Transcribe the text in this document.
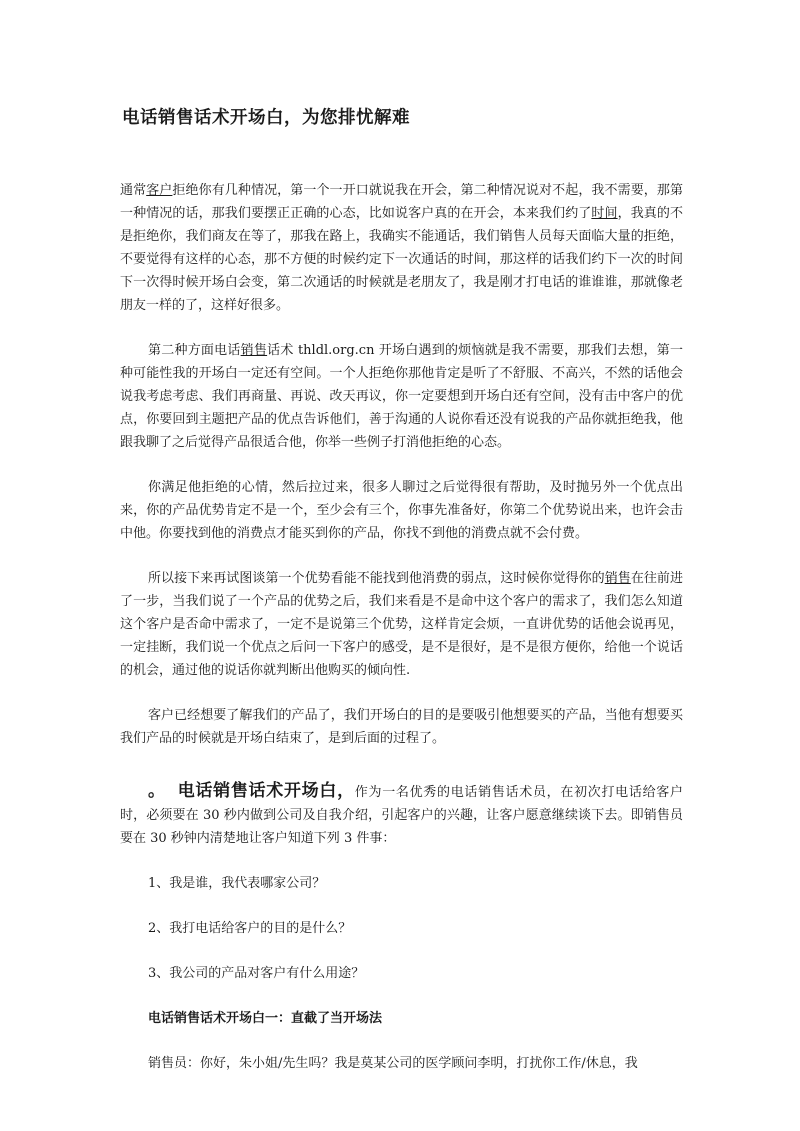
电话销售话术开场白，为您排忧解难

通常客户拒绝你有几种情况，第一个一开口就说我在开会，第二种情况说对不起，我不需要，那第一种情况的话，那我们要摆正正确的心态，比如说客户真的在开会，本来我们约了时间，我真的不是拒绝你，我们商友在等了，那我在路上，我确实不能通话，我们销售人员每天面临大量的拒绝，不要觉得有这样的心态，那不方便的时候约定下一次通话的时间，那这样的话我们约下一次的时间下一次得时候开场白会变，第二次通话的时候就是老朋友了，我是刚才打电话的谁谁谁，那就像老朋友一样的了，这样好很多。

第二种方面电话销售话术 thldl.org.cn 开场白遇到的烦恼就是我不需要，那我们去想，第一种可能性我的开场白一定还有空间。一个人拒绝你那他肯定是听了不舒服、不高兴，不然的话他会说我考虑考虑、我们再商量、再说、改天再议，你一定要想到开场白还有空间，没有击中客户的优点，你要回到主题把产品的优点告诉他们，善于沟通的人说你看还没有说我的产品你就拒绝我，他跟我聊了之后觉得产品很适合他，你举一些例子打消他拒绝的心态。

你满足他拒绝的心情，然后拉过来，很多人聊过之后觉得很有帮助，及时抛另外一个优点出来，你的产品优势肯定不是一个，至少会有三个，你事先准备好，你第二个优势说出来，也许会击中他。你要找到他的消费点才能买到你的产品，你找不到他的消费点就不会付费。

所以接下来再试图谈第一个优势看能不能找到他消费的弱点，这时候你觉得你的销售在往前进了一步，当我们说了一个产品的优势之后，我们来看是不是命中这个客户的需求了，我们怎么知道这个客户是否命中需求了，一定不是说第三个优势，这样肯定会烦，一直讲优势的话他会说再见，一定挂断，我们说一个优点之后问一下客户的感受，是不是很好，是不是很方便你，给他一个说话的机会，通过他的说话你就判断出他购买的倾向性.

客户已经想要了解我们的产品了，我们开场白的目的是要吸引他想要买的产品，当他有想要买我们产品的时候就是开场白结束了，是到后面的过程了。

。 电话销售话术开场白，作为一名优秀的电话销售话术员，在初次打电话给客户时，必须要在 30 秒内做到公司及自我介绍，引起客户的兴趣，让客户愿意继续谈下去。即销售员要在 30 秒钟内清楚地让客户知道下列 3 件事：

1、我是谁，我代表哪家公司？

2、我打电话给客户的目的是什么？

3、我公司的产品对客户有什么用途？

电话销售话术开场白一：直截了当开场法

销售员：你好，朱小姐/先生吗？我是莫某公司的医学顾问李明，打扰你工作/休息，我
